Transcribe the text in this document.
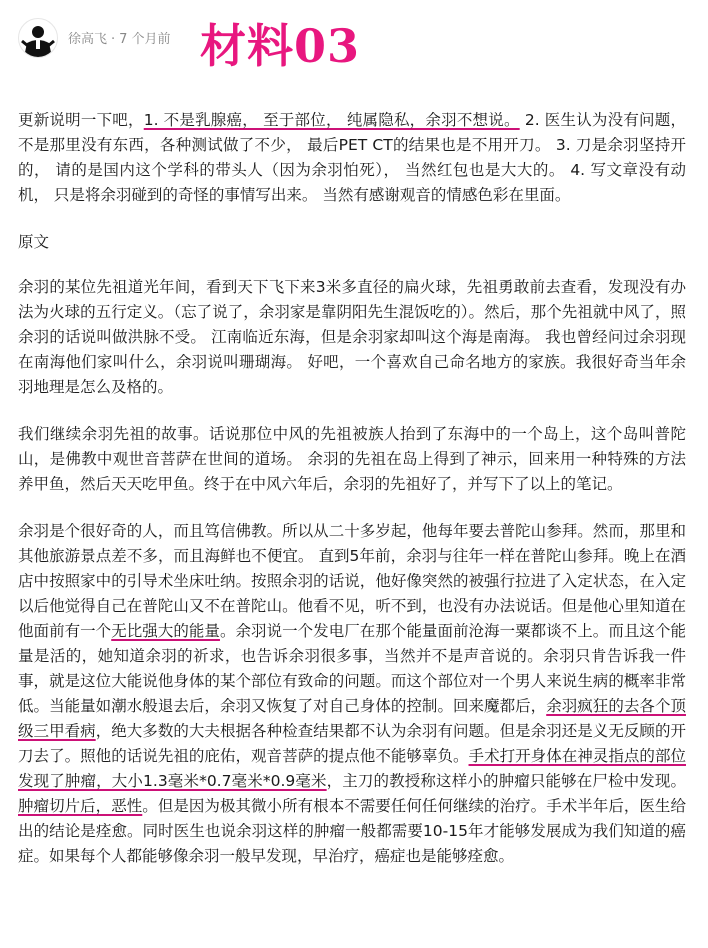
徐高飞 · 7 个月前 材料03

更新说明一下吧，1. 不是乳腺癌， 至于部位， 纯属隐私，余羽不想说。 2. 医生认为没有问题， 不是那里没有东西，各种测试做了不少， 最后PET CT的结果也是不用开刀。 3. 刀是余羽坚持开的， 请的是国内这个学科的带头人（因为余羽怕死）， 当然红包也是大大的。 4. 写文章没有动机， 只是将余羽碰到的奇怪的事情写出来。 当然有感谢观音的情感色彩在里面。

原文

余羽的某位先祖道光年间，看到天下飞下来3米多直径的扁火球，先祖勇敢前去查看，发现没有办法为火球的五行定义。（忘了说了，余羽家是靠阴阳先生混饭吃的）。然后，那个先祖就中风了，照余羽的话说叫做洪脉不受。 江南临近东海，但是余羽家却叫这个海是南海。 我也曾经问过余羽现在南海他们家叫什么，余羽说叫珊瑚海。 好吧，一个喜欢自己命名地方的家族。我很好奇当年余羽地理是怎么及格的。

我们继续余羽先祖的故事。话说那位中风的先祖被族人抬到了东海中的一个岛上，这个岛叫普陀山，是佛教中观世音菩萨在世间的道场。 余羽的先祖在岛上得到了神示，回来用一种特殊的方法养甲鱼，然后天天吃甲鱼。终于在中风六年后，余羽的先祖好了，并写下了以上的笔记。

余羽是个很好奇的人，而且笃信佛教。所以从二十多岁起，他每年要去普陀山参拜。然而，那里和其他旅游景点差不多，而且海鲜也不便宜。 直到5年前，余羽与往年一样在普陀山参拜。晚上在酒店中按照家中的引导术坐床吐纳。按照余羽的话说，他好像突然的被强行拉进了入定状态，在入定以后他觉得自己在普陀山又不在普陀山。他看不见，听不到，也没有办法说话。但是他心里知道在他面前有一个无比强大的能量。余羽说一个发电厂在那个能量面前沧海一粟都谈不上。而且这个能量是活的，她知道余羽的祈求，也告诉余羽很多事，当然并不是声音说的。余羽只肯告诉我一件事，就是这位大能说他身体的某个部位有致命的问题。而这个部位对一个男人来说生病的概率非常低。当能量如潮水般退去后，余羽又恢复了对自己身体的控制。回来魔都后，余羽疯狂的去各个顶级三甲看病，绝大多数的大夫根据各种检查结果都不认为余羽有问题。但是余羽还是义无反顾的开刀去了。照他的话说先祖的庇佑，观音菩萨的提点他不能够辜负。手术打开身体在神灵指点的部位发现了肿瘤，大小1.3毫米*0.7毫米*0.9毫米，主刀的教授称这样小的肿瘤只能够在尸检中发现。肿瘤切片后，恶性。但是因为极其微小所有根本不需要任何任何继续的治疗。手术半年后，医生给出的结论是痊愈。同时医生也说余羽这样的肿瘤一般都需要10-15年才能够发展成为我们知道的癌症。如果每个人都能够像余羽一般早发现，早治疗，癌症也是能够痊愈。
